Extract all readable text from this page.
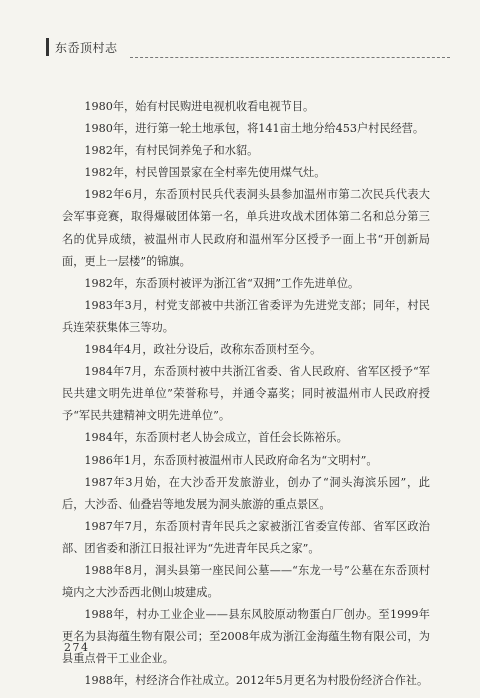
东岙顶村志

1980年，始有村民购进电视机收看电视节目。

1980年，进行第一轮土地承包，将141亩土地分给453户村民经营。

1982年，有村民饲养兔子和水貂。

1982年，村民曾国景家在全村率先使用煤气灶。

1982年6月，东岙顶村民兵代表洞头县参加温州市第二次民兵代表大会军事竞赛，取得爆破团体第一名，单兵进攻战术团体第二名和总分第三名的优异成绩，被温州市人民政府和温州军分区授予一面上书“开创新局面，更上一层楼”的锦旗。

1982年，东岙顶村被评为浙江省“双拥”工作先进单位。

1983年3月，村党支部被中共浙江省委评为先进党支部；同年，村民兵连荣获集体三等功。

1984年4月，政社分设后，改称东岙顶村至今。

1984年7月，东岙顶村被中共浙江省委、省人民政府、省军区授予“军民共建文明先进单位”荣誉称号，并通令嘉奖；同时被温州市人民政府授予“军民共建精神文明先进单位”。

1984年，东岙顶村老人协会成立，首任会长陈裕乐。

1986年1月，东岙顶村被温州市人民政府命名为“文明村”。

1987年3月始，在大沙岙开发旅游业，创办了“洞头海滨乐园”，此后，大沙岙、仙叠岩等地发展为洞头旅游的重点景区。

1987年7月，东岙顶村青年民兵之家被浙江省委宣传部、省军区政治部、团省委和浙江日报社评为“先进青年民兵之家”。

1988年8月，洞头县第一座民间公墓——“东龙一号”公墓在东岙顶村境内之大沙岙西北侧山坡建成。

1988年，村办工业企业——县东风胶原动物蛋白厂创办。至1999年更名为县海蕴生物有限公司；至2008年成为浙江金海蕴生物有限公司，为县重点骨干工业企业。

1988年，村经济合作社成立。2012年5月更名为村股份经济合作社。

274
